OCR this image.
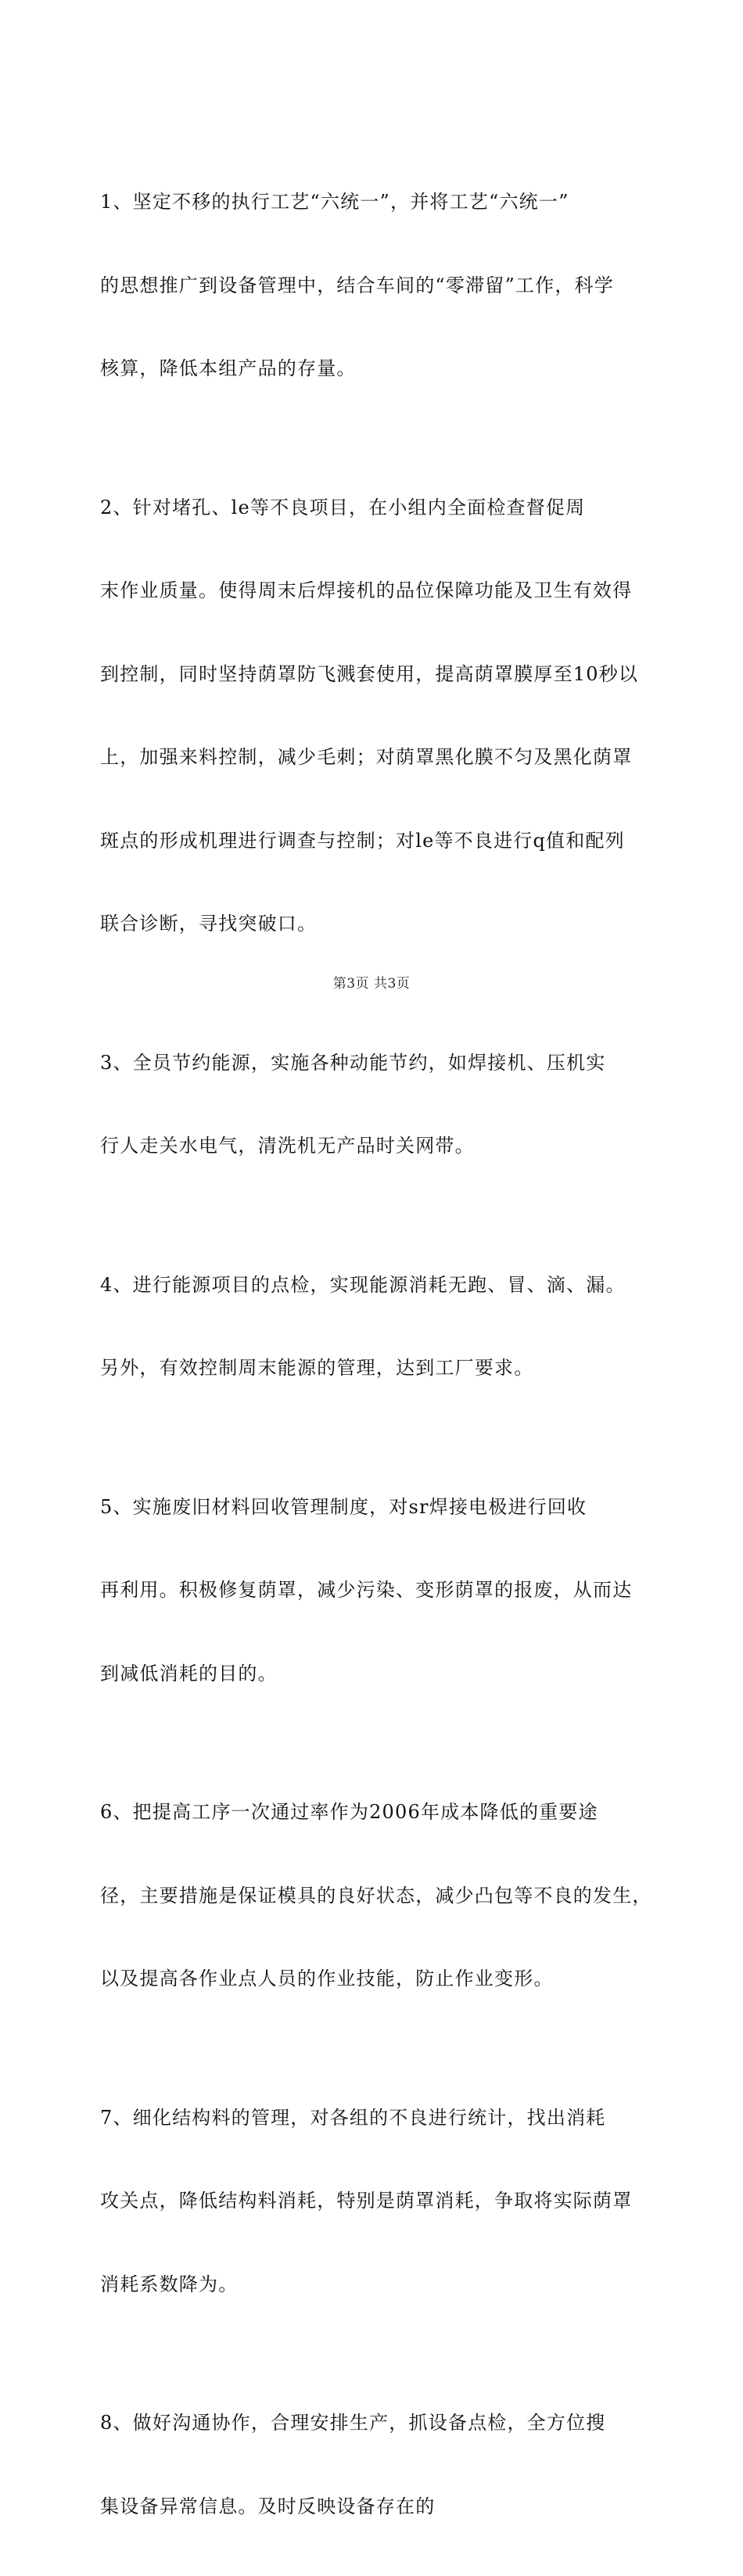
1、坚定不移的执行工艺“六统一”，并将工艺“六统一”

的思想推广到设备管理中，结合车间的“零滞留”工作，科学

核算，降低本组产品的存量。

2、针对堵孔、le等不良项目，在小组内全面检查督促周

末作业质量。使得周末后焊接机的品位保障功能及卫生有效得

到控制，同时坚持荫罩防飞溅套使用，提高荫罩膜厚至10秒以

上，加强来料控制，减少毛刺；对荫罩黑化膜不匀及黑化荫罩

斑点的形成机理进行调查与控制；对le等不良进行q值和配列

联合诊断，寻找突破口。

3、全员节约能源，实施各种动能节约，如焊接机、压机实

行人走关水电气，清洗机无产品时关网带。

4、进行能源项目的点检，实现能源消耗无跑、冒、滴、漏。

另外，有效控制周末能源的管理，达到工厂要求。

5、实施废旧材料回收管理制度，对sr焊接电极进行回收

再利用。积极修复荫罩，减少污染、变形荫罩的报废，从而达

到减低消耗的目的。

6、把提高工序一次通过率作为2006年成本降低的重要途

径，主要措施是保证模具的良好状态，减少凸包等不良的发生，

以及提高各作业点人员的作业技能，防止作业变形。

7、细化结构料的管理，对各组的不良进行统计，找出消耗

攻关点，降低结构料消耗，特别是荫罩消耗，争取将实际荫罩

消耗系数降为。

8、做好沟通协作，合理安排生产，抓设备点检，全方位搜

集设备异常信息。及时反映设备存在的

第3页 共3页
